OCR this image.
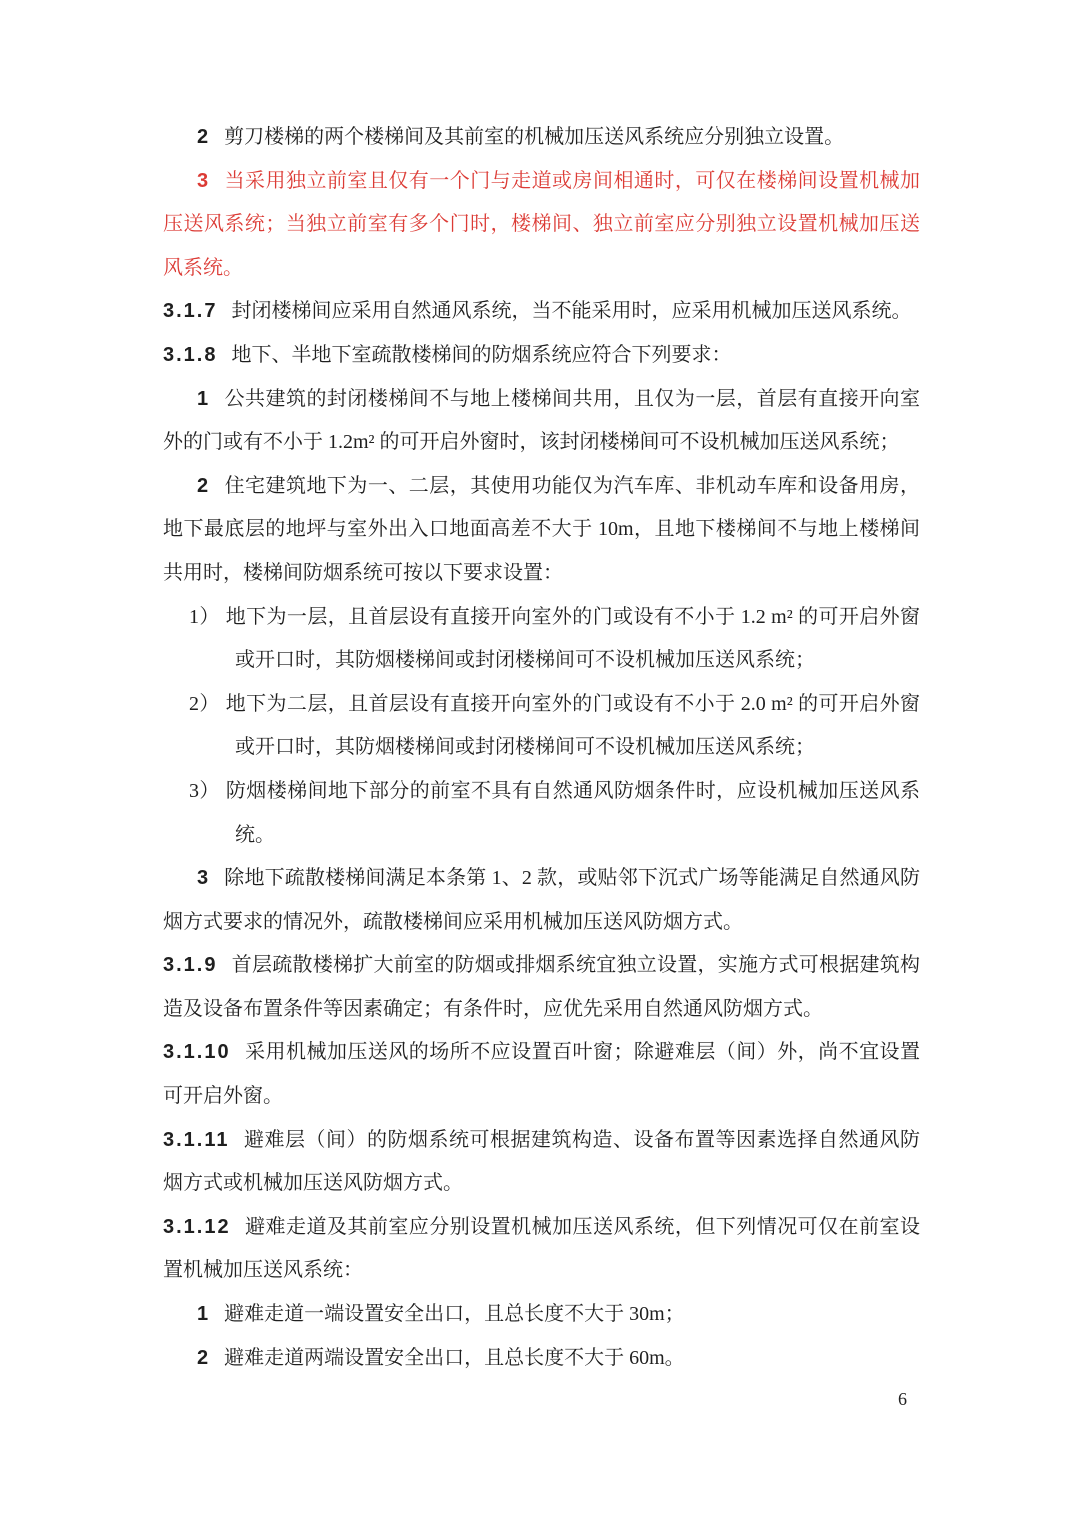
2 剪刀楼梯的两个楼梯间及其前室的机械加压送风系统应分别独立设置。

3 当采用独立前室且仅有一个门与走道或房间相通时，可仅在楼梯间设置机械加压送风系统；当独立前室有多个门时，楼梯间、独立前室应分别独立设置机械加压送风系统。

3.1.7 封闭楼梯间应采用自然通风系统，当不能采用时，应采用机械加压送风系统。

3.1.8 地下、半地下室疏散楼梯间的防烟系统应符合下列要求：

1 公共建筑的封闭楼梯间不与地上楼梯间共用，且仅为一层，首层有直接开向室外的门或有不小于 1.2m² 的可开启外窗时，该封闭楼梯间可不设机械加压送风系统；

2 住宅建筑地下为一、二层，其使用功能仅为汽车库、非机动车库和设备用房，地下最底层的地坪与室外出入口地面高差不大于 10m，且地下楼梯间不与地上楼梯间共用时，楼梯间防烟系统可按以下要求设置：

1） 地下为一层，且首层设有直接开向室外的门或设有不小于 1.2 m² 的可开启外窗或开口时，其防烟楼梯间或封闭楼梯间可不设机械加压送风系统；

2） 地下为二层，且首层设有直接开向室外的门或设有不小于 2.0 m² 的可开启外窗或开口时，其防烟楼梯间或封闭楼梯间可不设机械加压送风系统；

3） 防烟楼梯间地下部分的前室不具有自然通风防烟条件时，应设机械加压送风系统。

3 除地下疏散楼梯间满足本条第 1、2 款，或贴邻下沉式广场等能满足自然通风防烟方式要求的情况外，疏散楼梯间应采用机械加压送风防烟方式。

3.1.9 首层疏散楼梯扩大前室的防烟或排烟系统宜独立设置，实施方式可根据建筑构造及设备布置条件等因素确定；有条件时，应优先采用自然通风防烟方式。

3.1.10 采用机械加压送风的场所不应设置百叶窗；除避难层（间）外，尚不宜设置可开启外窗。

3.1.11 避难层（间）的防烟系统可根据建筑构造、设备布置等因素选择自然通风防烟方式或机械加压送风防烟方式。

3.1.12 避难走道及其前室应分别设置机械加压送风系统，但下列情况可仅在前室设置机械加压送风系统：

1 避难走道一端设置安全出口，且总长度不大于 30m；

2 避难走道两端设置安全出口，且总长度不大于 60m。

6
